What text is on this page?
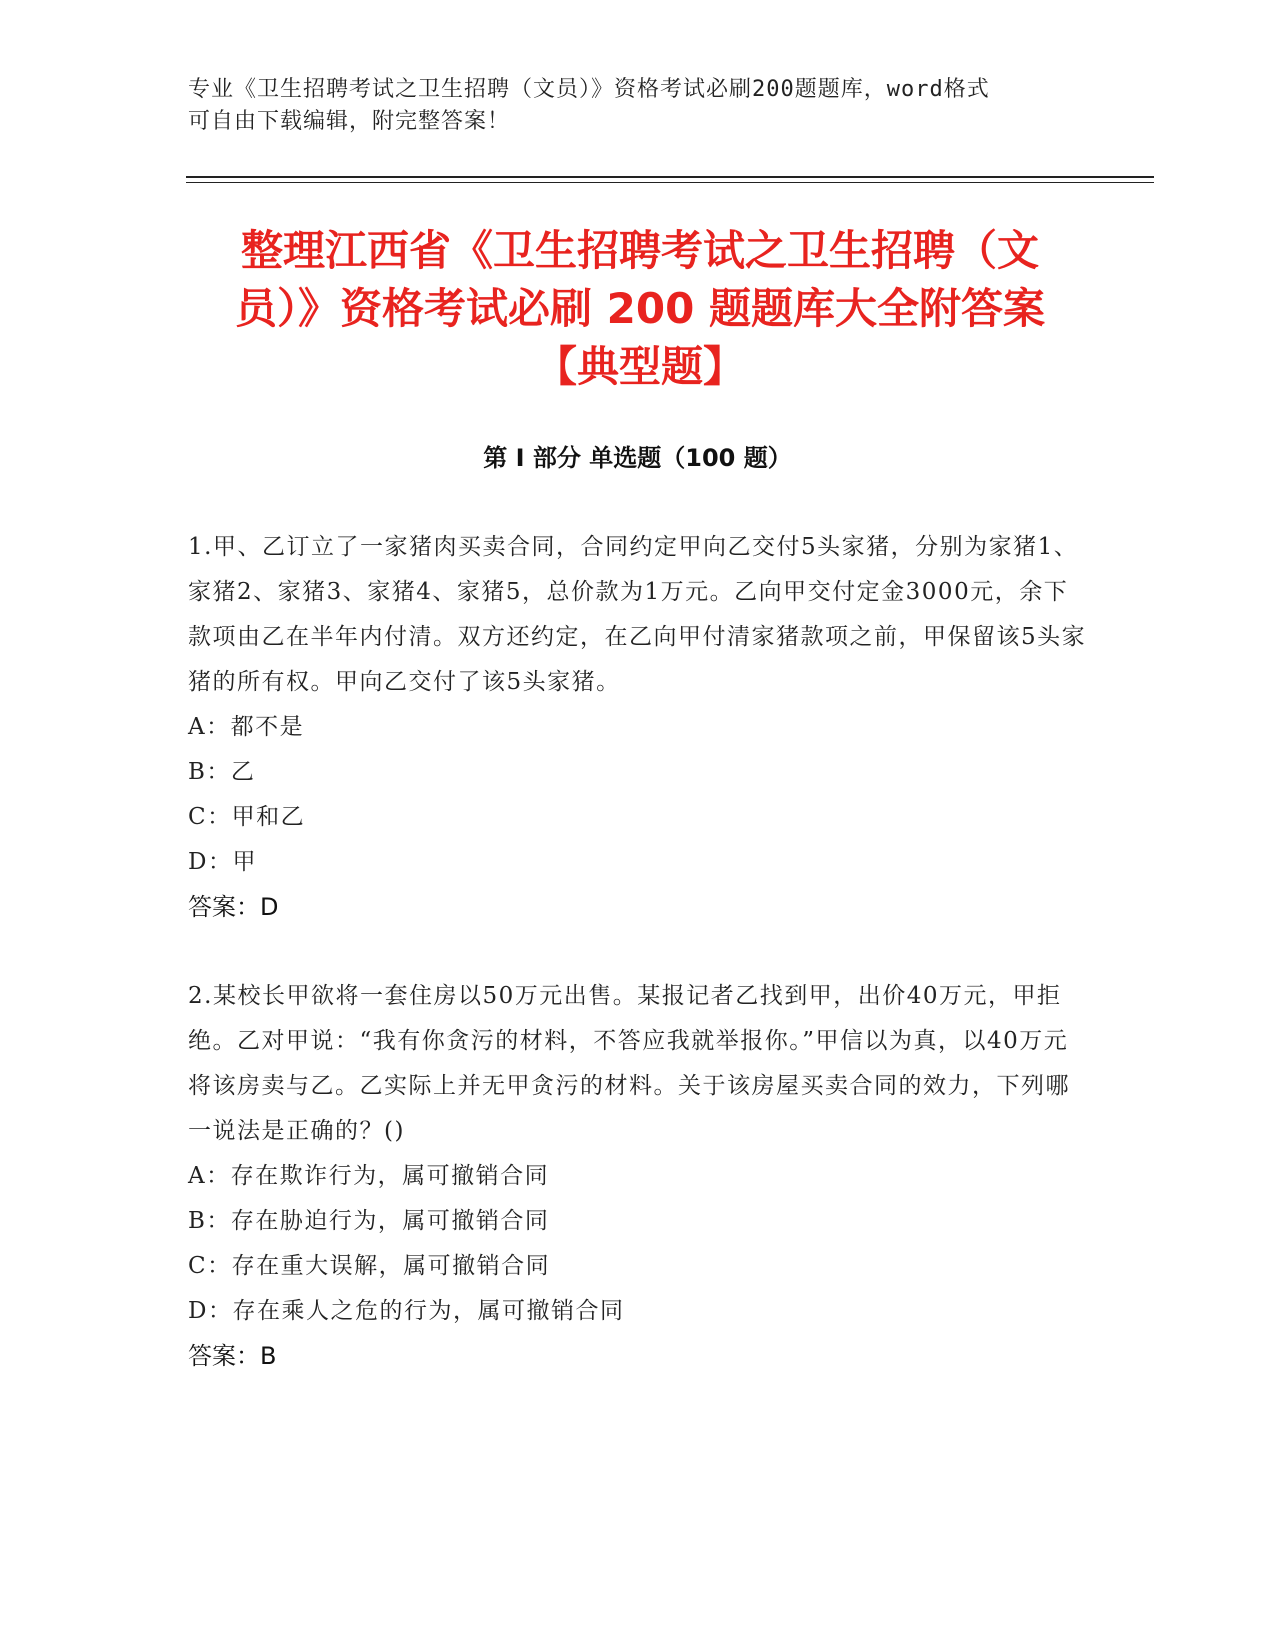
专业《卫生招聘考试之卫生招聘（文员）》资格考试必刷200题题库，word格式
可自由下载编辑，附完整答案！
整理江西省《卫生招聘考试之卫生招聘（文
员）》资格考试必刷 200 题题库大全附答案
【典型题】
第 I 部分 单选题（100 题）
1.甲、乙订立了一家猪肉买卖合同，合同约定甲向乙交付5头家猪，分别为家猪1、家猪2、家猪3、家猪4、家猪5，总价款为1万元。乙向甲交付定金3000元，余下款项由乙在半年内付清。双方还约定，在乙向甲付清家猪款项之前，甲保留该5头家猪的所有权。甲向乙交付了该5头家猪。
A：都不是
B：乙
C：甲和乙
D：甲
答案：D
2.某校长甲欲将一套住房以50万元出售。某报记者乙找到甲，出价40万元，甲拒绝。乙对甲说：“我有你贪污的材料，不答应我就举报你。”甲信以为真，以40万元将该房卖与乙。乙实际上并无甲贪污的材料。关于该房屋买卖合同的效力，下列哪一说法是正确的？()
A：存在欺诈行为，属可撤销合同
B：存在胁迫行为，属可撤销合同
C：存在重大误解，属可撤销合同
D：存在乘人之危的行为，属可撤销合同
答案：B
